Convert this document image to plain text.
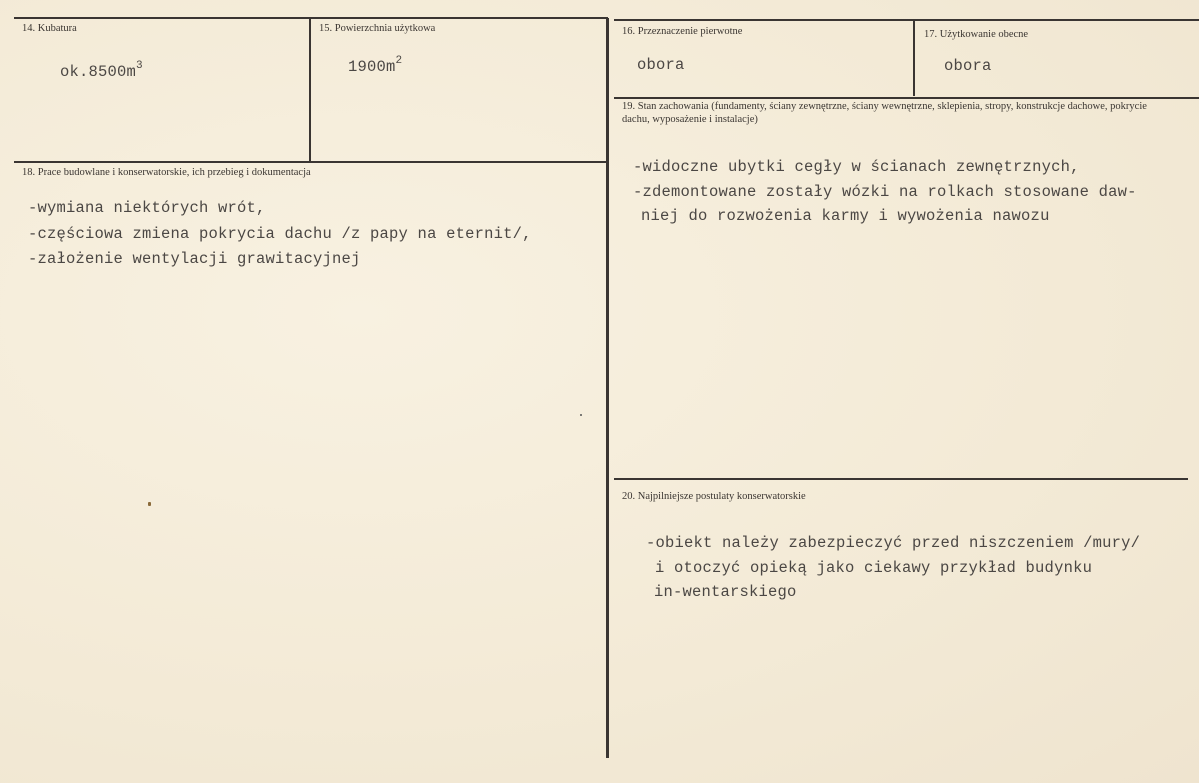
14. Kubatura
$ok.8500m^3$
15. Powierzchnia użytkowa
$1900m^2$
16. Przeznaczenie pierwotne
obora
17. Użytkowanie obecne
obora
18. Prace budowlane i konserwatorskie, ich przebieg i dokumentacja
-wymiana niektórych wrót,
-częściowa zmiena pokrycia dachu /z papy na eternit/,
-założenie wentylacji grawitacyjnej
19. Stan zachowania (fundamenty, ściany zewnętrzne, ściany wewnętrzne, sklepienia, stropy, konstrukcje dachowe, pokrycie dachu, wyposażenie i instalacje)
-widoczne ubytki cegły w ścianach zewnętrznych,
-zdemontowane zostały wózki na rolkach stosowane daw-
niej do rozwożenia karmy i wywożenia nawozu
20. Najpilniejsze postulaty konserwatorskie
-obiekt należy zabezpieczyć przed niszczeniem /mury/
i otoczyć opieką jako ciekawy przykład budynku
in-wentarskiego
